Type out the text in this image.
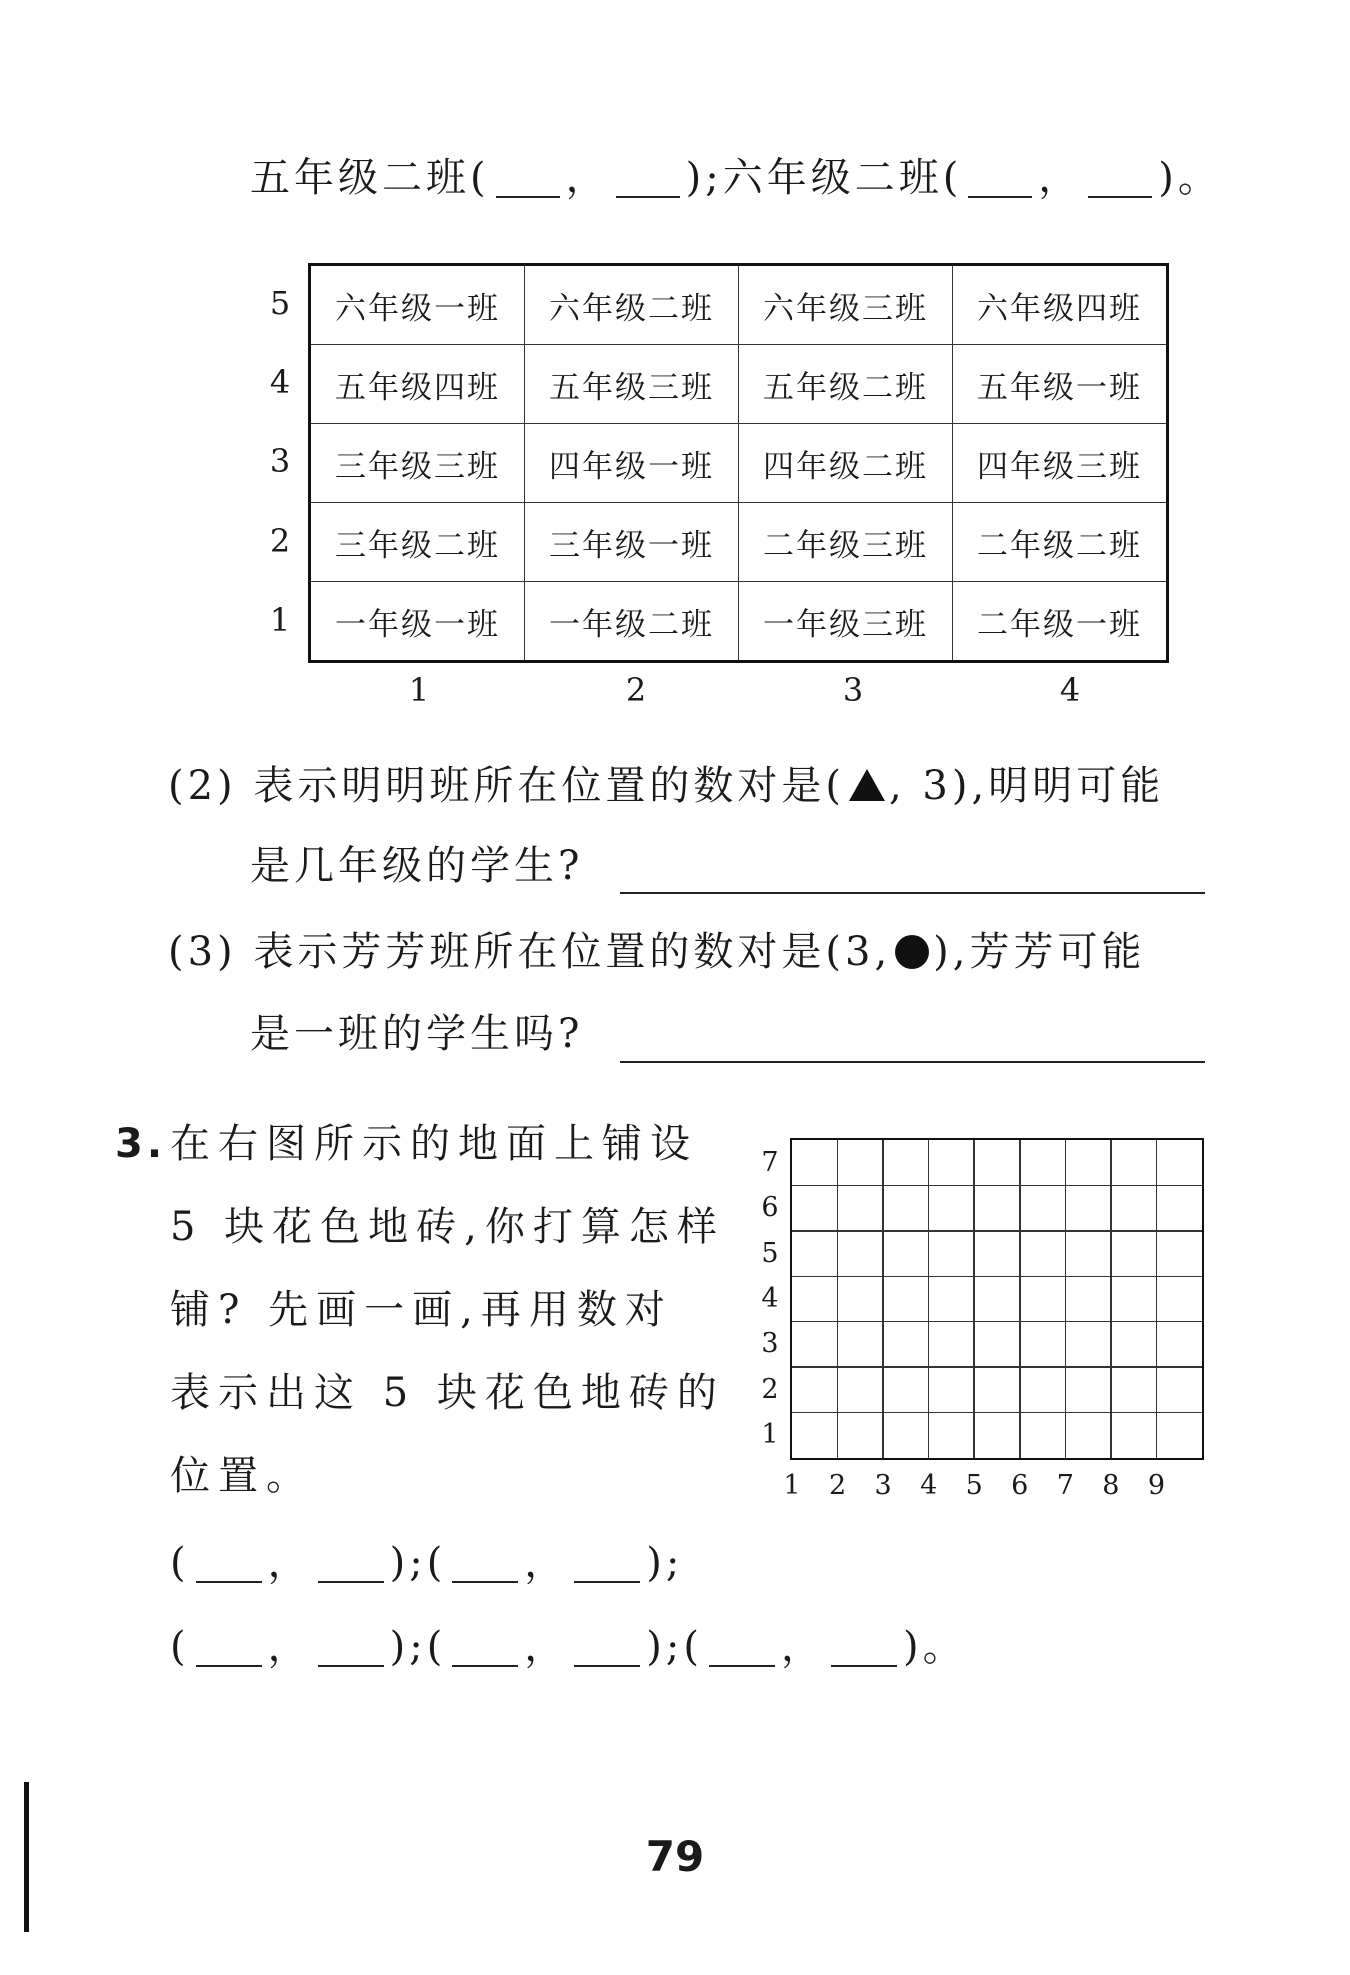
五年级二班( ， );六年级二班( ， )。
5
4
3
2
1
六年级一班	六年级二班	六年级三班	六年级四班
五年级四班	五年级三班	五年级二班	五年级一班
三年级三班	四年级一班	四年级二班	四年级三班
三年级二班	三年级一班	二年级三班	二年级二班
一年级一班	一年级二班	一年级三班	二年级一班
1	2	3	4
(2) 表示明明班所在位置的数对是( , 3),明明可能
是几年级的学生?
(3) 表示芳芳班所在位置的数对是(3, ),芳芳可能
是一班的学生吗?
3. 在右图所示的地面上铺设
5 块花色地砖,你打算怎样
铺? 先画一画,再用数对
表示出这 5 块花色地砖的
位置。
7
6
5
4
3
2
1
1 2 3 4 5 6 7 8 9
( ， );( ， );
( ， );( ， );( ， )。
79
